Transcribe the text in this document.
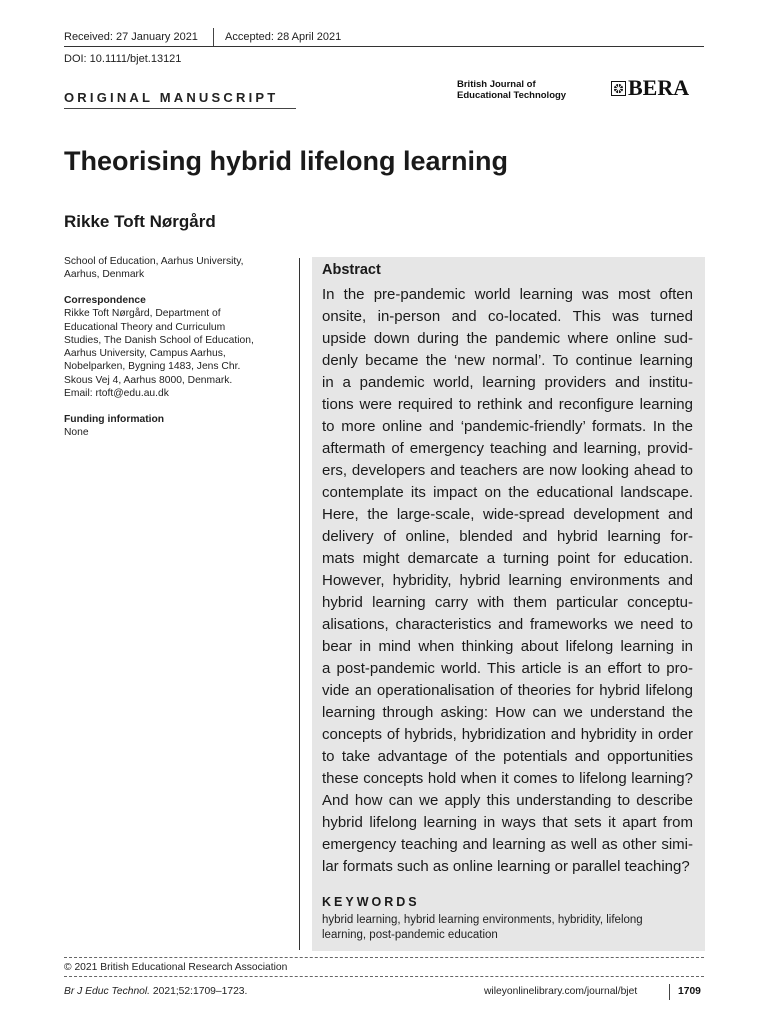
Received: 27 January 2021 Accepted: 28 April 2021
DOI: 10.1111/bjet.13121
ORIGINAL MANUSCRIPT
British Journal of
Educational Technology	BERA
Theorising hybrid lifelong learning
Rikke Toft Nørgård
School of Education, Aarhus University,
Aarhus, Denmark
Correspondence
Rikke Toft Nørgård, Department of
Educational Theory and Curriculum
Studies, The Danish School of Education,
Aarhus University, Campus Aarhus,
Nobelparken, Bygning 1483, Jens Chr.
Skous Vej 4, Aarhus 8000, Denmark.
Email: rtoft@edu.au.dk
Funding information
None
Abstract
In the pre-pandemic world learning was most often
onsite, in-person and co-located. This was turned
upside down during the pandemic where online sud-
denly became the ‘new normal’. To continue learning
in a pandemic world, learning providers and institu-
tions were required to rethink and reconfigure learning
to more online and ‘pandemic-friendly’ formats. In the
aftermath of emergency teaching and learning, provid-
ers, developers and teachers are now looking ahead to
contemplate its impact on the educational landscape.
Here, the large-scale, wide-spread development and
delivery of online, blended and hybrid learning for-
mats might demarcate a turning point for education.
However, hybridity, hybrid learning environments and
hybrid learning carry with them particular conceptu-
alisations, characteristics and frameworks we need to
bear in mind when thinking about lifelong learning in
a post-pandemic world. This article is an effort to pro-
vide an operationalisation of theories for hybrid lifelong
learning through asking: How can we understand the
concepts of hybrids, hybridization and hybridity in order
to take advantage of the potentials and opportunities
these concepts hold when it comes to lifelong learning?
And how can we apply this understanding to describe
hybrid lifelong learning in ways that sets it apart from
emergency teaching and learning as well as other simi-
lar formats such as online learning or parallel teaching?
KEYWORDS
hybrid learning, hybrid learning environments, hybridity, lifelong
learning, post-pandemic education
© 2021 British Educational Research Association
Br J Educ Technol. 2021;52:1709–1723.	wileyonlinelibrary.com/journal/bjet	1709
